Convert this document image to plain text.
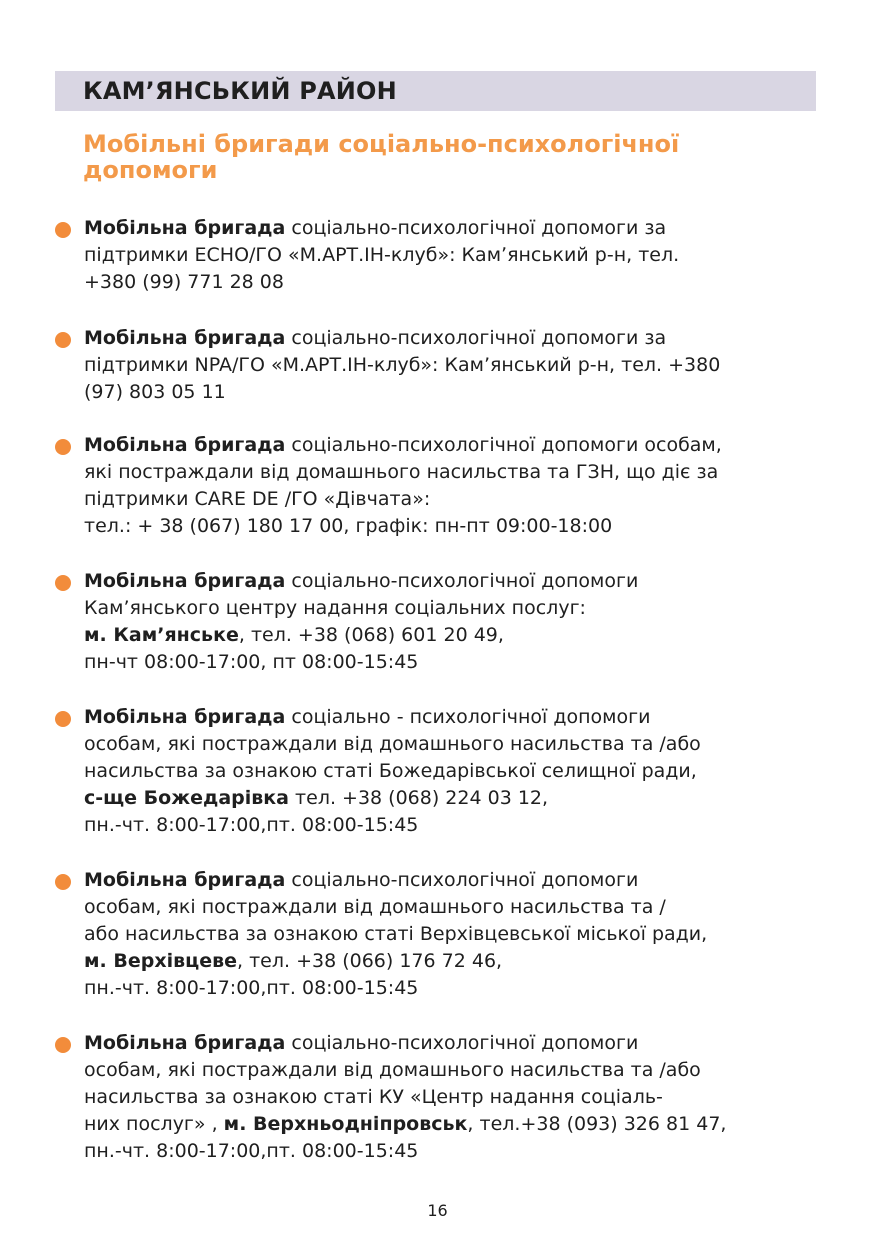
КАМʼЯНСЬКИЙ РАЙОН
Мобільні бригади соціально-психологічної
допомоги
Мобільна бригада соціально-психологічної допомоги за
підтримки ECHO/ГО «М.АРТ.ІН-клуб»: Камʼянський р-н, тел.
+380 (99) 771 28 08
Мобільна бригада соціально-психологічної допомоги за
підтримки NPA/ГО «М.АРТ.ІН-клуб»: Кам’янський р-н, тел. +380
(97) 803 05 11
Мобільна бригада соціально-психологічної допомоги особам,
які постраждали від домашнього насильства та ГЗН, що діє за
підтримки CARE DE /ГО «Дівчата»:
тел.: + 38 (067) 180 17 00, графік: пн-пт 09:00-18:00
Мобільна бригада соціально-психологічної допомоги
Кам’янського центру надання соціальних послуг:
м. Кам’янське, тел. +38 (068) 601 20 49,
пн-чт 08:00-17:00, пт 08:00-15:45
Мобільна бригада соціально - психологічної допомоги
особам, які постраждали від домашнього насильства та /або
насильства за ознакою статі Божедарівської селищної ради,
с-ще Божедарівка тел. +38 (068) 224 03 12,
пн.-чт. 8:00-17:00,пт. 08:00-15:45
Мобільна бригада соціально-психологічної допомоги
особам, які постраждали від домашнього насильства та /
або насильства за ознакою статі Верхівцевської міської ради,
м. Верхівцеве, тел. +38 (066) 176 72 46,
пн.-чт. 8:00-17:00,пт. 08:00-15:45
Мобільна бригада соціально-психологічної допомоги
особам, які постраждали від домашнього насильства та /або
насильства за ознакою статі КУ «Центр надання соціаль-
них послуг» , м. Верхньодніпровськ, тел.+38 (093) 326 81 47,
пн.-чт. 8:00-17:00,пт. 08:00-15:45
16
